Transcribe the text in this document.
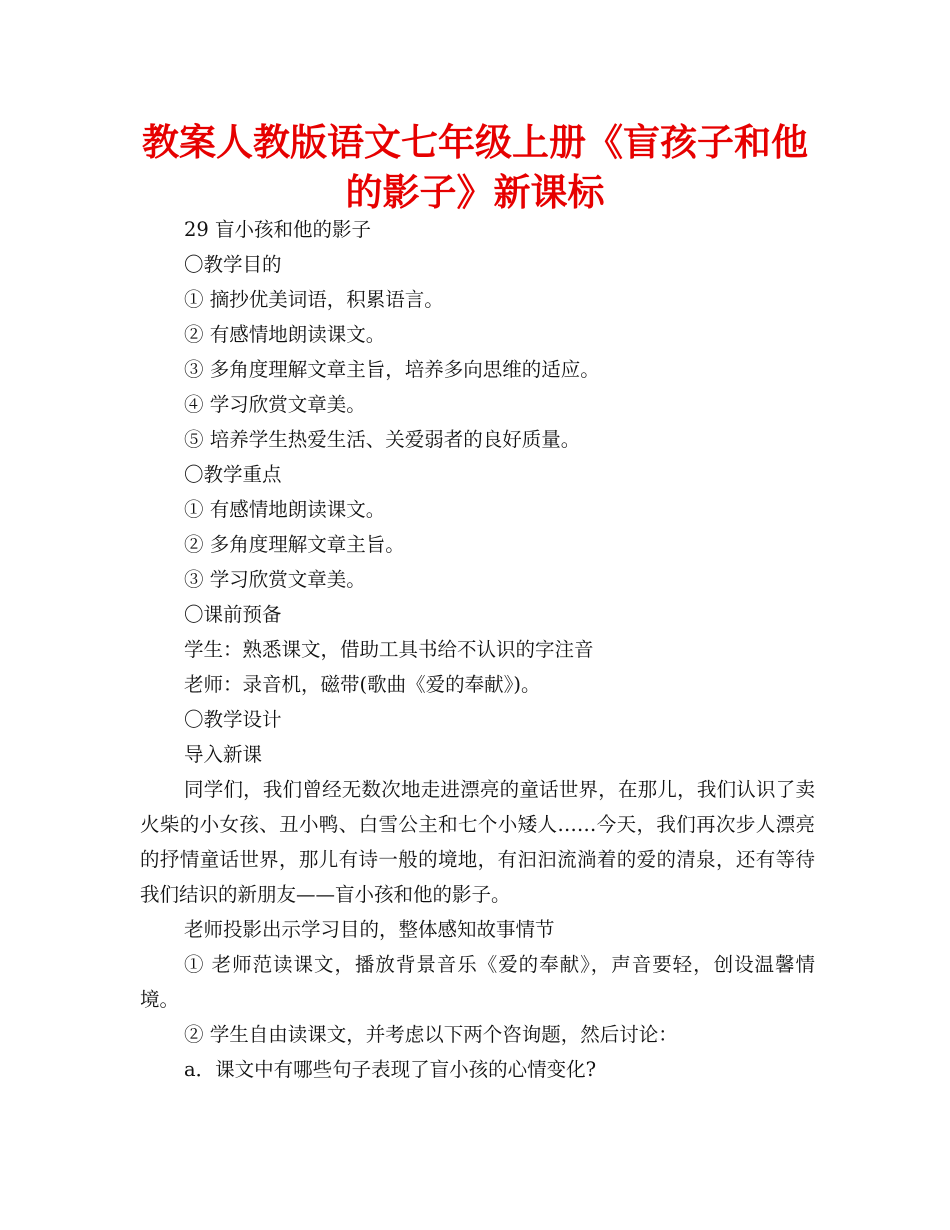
教案人教版语文七年级上册《盲孩子和他
的影子》新课标
29 盲小孩和他的影子
〇教学目的
① 摘抄优美词语，积累语言。
② 有感情地朗读课文。
③ 多角度理解文章主旨，培养多向思维的适应。
④ 学习欣赏文章美。
⑤ 培养学生热爱生活、关爱弱者的良好质量。
〇教学重点
① 有感情地朗读课文。
② 多角度理解文章主旨。
③ 学习欣赏文章美。
〇课前预备
学生：熟悉课文，借助工具书给不认识的字注音
老师：录音机，磁带(歌曲《爱的奉献》)。
〇教学设计
导入新课

同学们，我们曾经无数次地走进漂亮的童话世界，在那儿，我们认识了卖火柴的小女孩、丑小鸭、白雪公主和七个小矮人……今天，我们再次步人漂亮的抒情童话世界，那儿有诗一般的境地，有汩汩流淌着的爱的清泉，还有等待我们结识的新朋友——盲小孩和他的影子。

老师投影出示学习目的，整体感知故事情节

① 老师范读课文，播放背景音乐《爱的奉献》，声音要轻，创设温馨情境。

② 学生自由读课文，并考虑以下两个咨询题，然后讨论：
a．课文中有哪些句子表现了盲小孩的心情变化?
